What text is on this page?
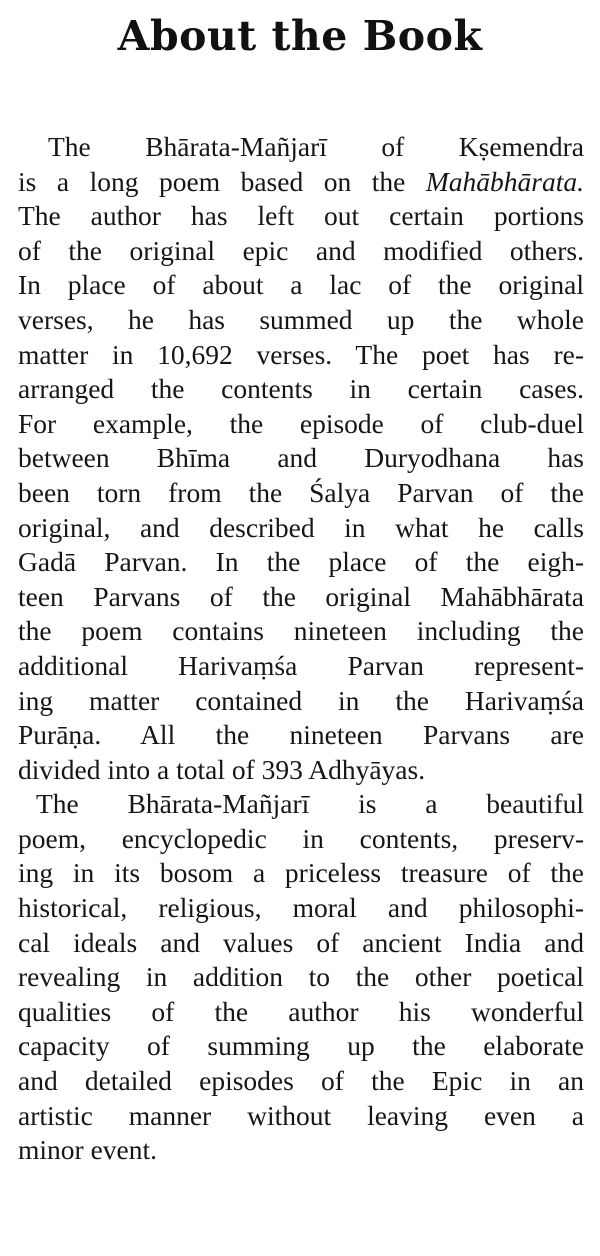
About the Book
The Bhārata-Mañjarī of Kṣemendra
is a long poem based on the Mahābhārata.
The author has left out certain portions
of the original epic and modified others.
In place of about a lac of the original
verses, he has summed up the whole
matter in 10,692 verses. The poet has re-
arranged the contents in certain cases.
For example, the episode of club-duel
between Bhīma and Duryodhana has
been torn from the Śalya Parvan of the
original, and described in what he calls
Gadā Parvan. In the place of the eigh-
teen Parvans of the original Mahābhārata
the poem contains nineteen including the
additional Harivaṃśa Parvan represent-
ing matter contained in the Harivaṃśa
Purāṇa. All the nineteen Parvans are
divided into a total of 393 Adhyāyas.
The Bhārata-Mañjarī is a beautiful
poem, encyclopedic in contents, preserv-
ing in its bosom a priceless treasure of the
historical, religious, moral and philosophi-
cal ideals and values of ancient India and
revealing in addition to the other poetical
qualities of the author his wonderful
capacity of summing up the elaborate
and detailed episodes of the Epic in an
artistic manner without leaving even a
minor event.
